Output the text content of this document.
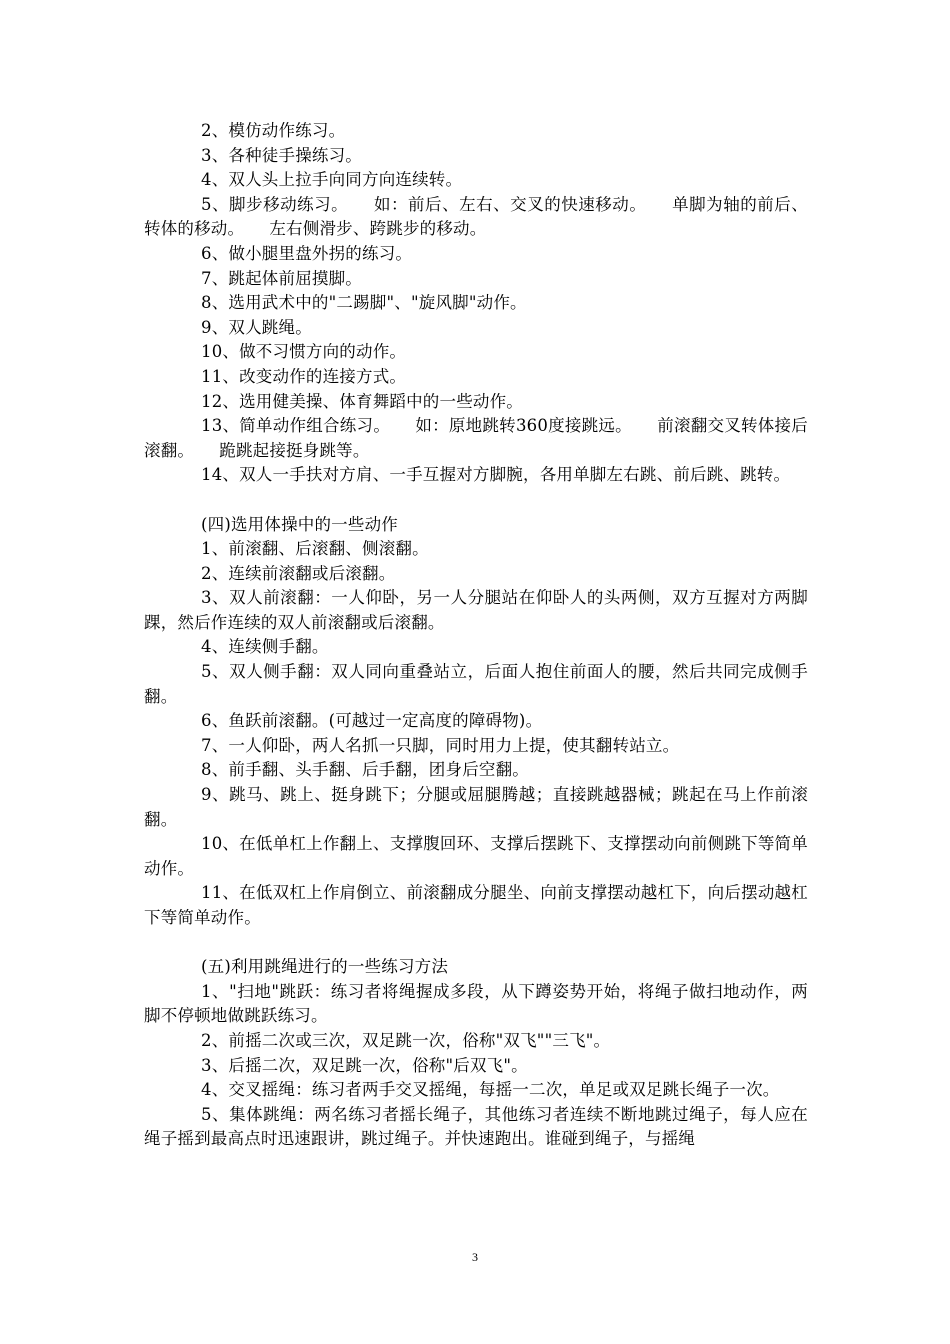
2、模仿动作练习。

3、各种徒手操练习。

4、双人头上拉手向同方向连续转。

5、脚步移动练习。　　如：前后、左右、交叉的快速移动。　　单脚为轴的前后、转体的移动。　　左右侧滑步、跨跳步的移动。

6、做小腿里盘外拐的练习。

7、跳起体前屈摸脚。

8、选用武术中的"二踢脚"、"旋风脚"动作。

9、双人跳绳。

10、做不习惯方向的动作。

11、改变动作的连接方式。

12、选用健美操、体育舞蹈中的一些动作。

13、简单动作组合练习。　　如：原地跳转360度接跳远。　　前滚翻交叉转体接后滚翻。　　跪跳起接挺身跳等。

14、双人一手扶对方肩、一手互握对方脚腕，各用单脚左右跳、前后跳、跳转。

(四)选用体操中的一些动作

1、前滚翻、后滚翻、侧滚翻。

2、连续前滚翻或后滚翻。

3、双人前滚翻：一人仰卧，另一人分腿站在仰卧人的头两侧，双方互握对方两脚踝，然后作连续的双人前滚翻或后滚翻。

4、连续侧手翻。

5、双人侧手翻：双人同向重叠站立，后面人抱住前面人的腰，然后共同完成侧手翻。

6、鱼跃前滚翻。(可越过一定高度的障碍物)。

7、一人仰卧，两人名抓一只脚，同时用力上提，使其翻转站立。

8、前手翻、头手翻、后手翻，团身后空翻。

9、跳马、跳上、挺身跳下；分腿或屈腿腾越；直接跳越器械；跳起在马上作前滚翻。

10、在低单杠上作翻上、支撑腹回环、支撑后摆跳下、支撑摆动向前侧跳下等简单动作。

11、在低双杠上作肩倒立、前滚翻成分腿坐、向前支撑摆动越杠下，向后摆动越杠下等简单动作。

(五)利用跳绳进行的一些练习方法

1、"扫地"跳跃：练习者将绳握成多段，从下蹲姿势开始，将绳子做扫地动作，两脚不停顿地做跳跃练习。

2、前摇二次或三次，双足跳一次，俗称"双飞""三飞"。

3、后摇二次，双足跳一次，俗称"后双飞"。

4、交叉摇绳：练习者两手交叉摇绳，每摇一二次，单足或双足跳长绳子一次。

5、集体跳绳：两名练习者摇长绳子，其他练习者连续不断地跳过绳子，每人应在绳子摇到最高点时迅速跟讲，跳过绳子。并快速跑出。谁碰到绳子，与摇绳

3
